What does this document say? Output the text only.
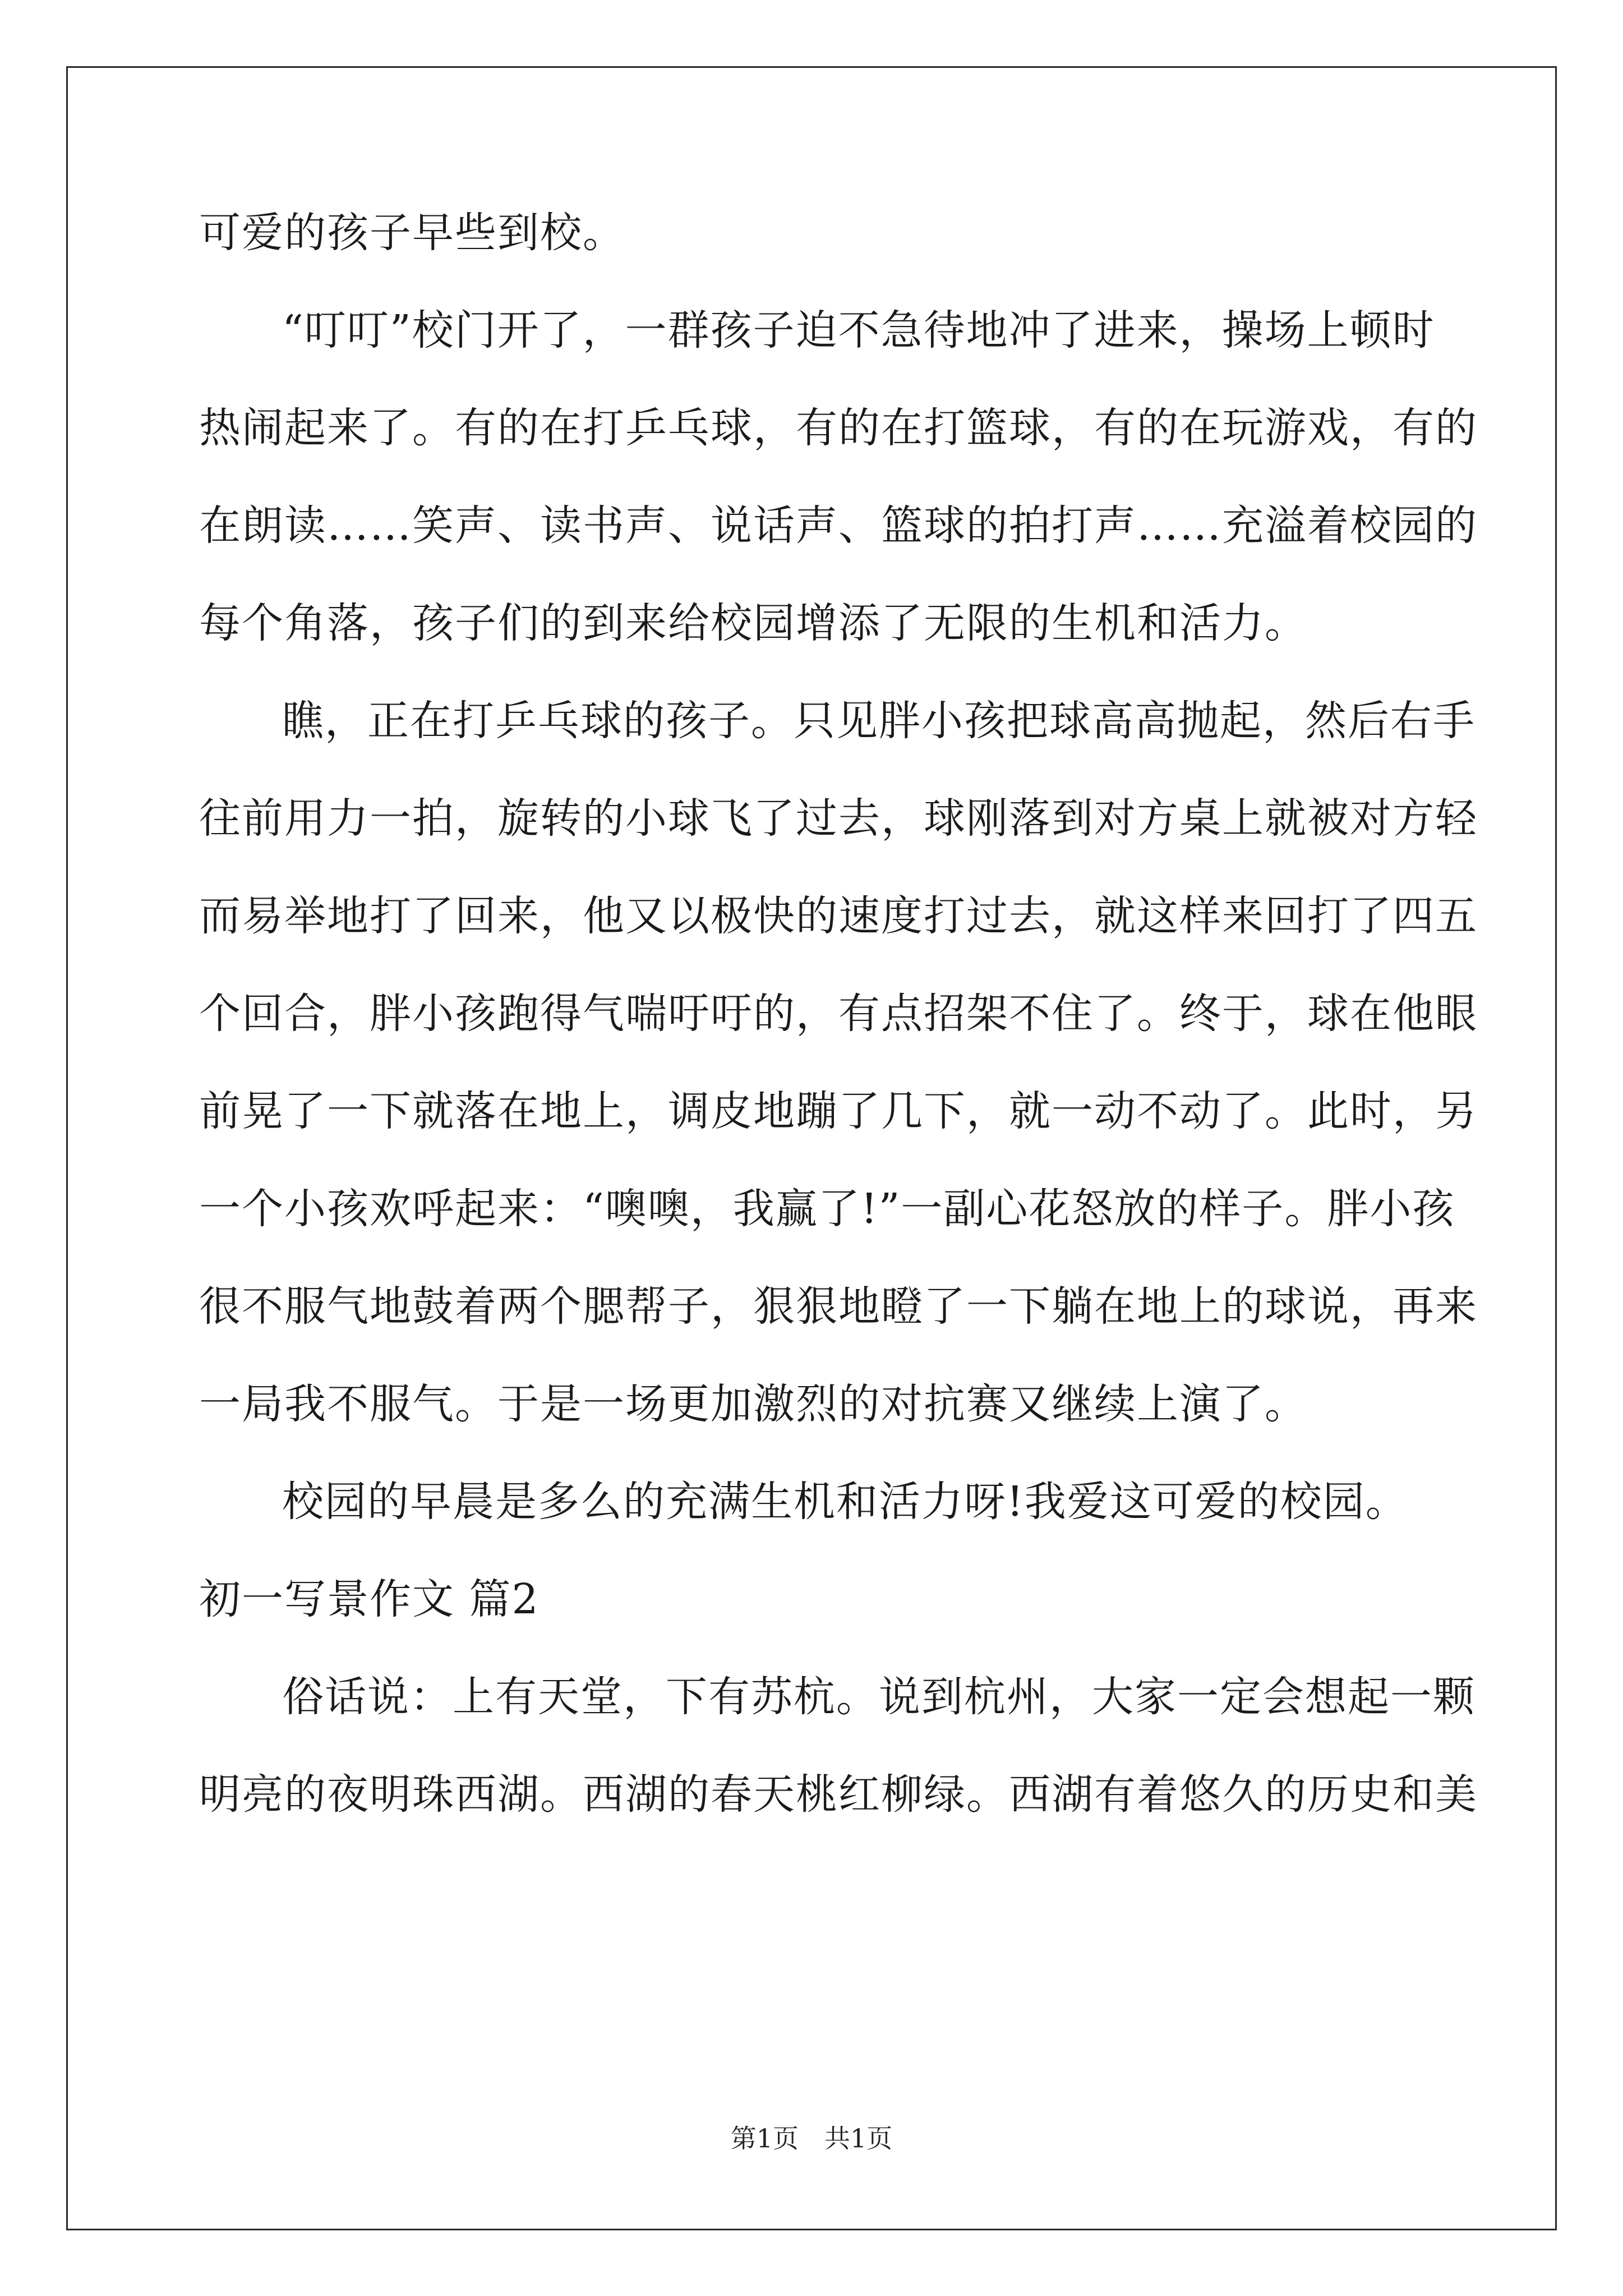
可爱的孩子早些到校。

“叮叮”校门开了，一群孩子迫不急待地冲了进来，操场上顿时

热闹起来了。有的在打乒乓球，有的在打篮球，有的在玩游戏，有的

在朗读……笑声、读书声、说话声、篮球的拍打声……充溢着校园的

每个角落，孩子们的到来给校园增添了无限的生机和活力。

瞧，正在打乒乓球的孩子。只见胖小孩把球高高抛起，然后右手

往前用力一拍，旋转的小球飞了过去，球刚落到对方桌上就被对方轻

而易举地打了回来，他又以极快的速度打过去，就这样来回打了四五

个回合，胖小孩跑得气喘吁吁的，有点招架不住了。终于，球在他眼

前晃了一下就落在地上，调皮地蹦了几下，就一动不动了。此时，另

一个小孩欢呼起来：“噢噢，我赢了!”一副心花怒放的样子。胖小孩

很不服气地鼓着两个腮帮子，狠狠地瞪了一下躺在地上的球说，再来

一局我不服气。于是一场更加激烈的对抗赛又继续上演了。

校园的早晨是多么的充满生机和活力呀!我爱这可爱的校园。

初一写景作文 篇2

俗话说：上有天堂，下有苏杭。说到杭州，大家一定会想起一颗

明亮的夜明珠西湖。西湖的春天桃红柳绿。西湖有着悠久的历史和美

第1页　共1页
